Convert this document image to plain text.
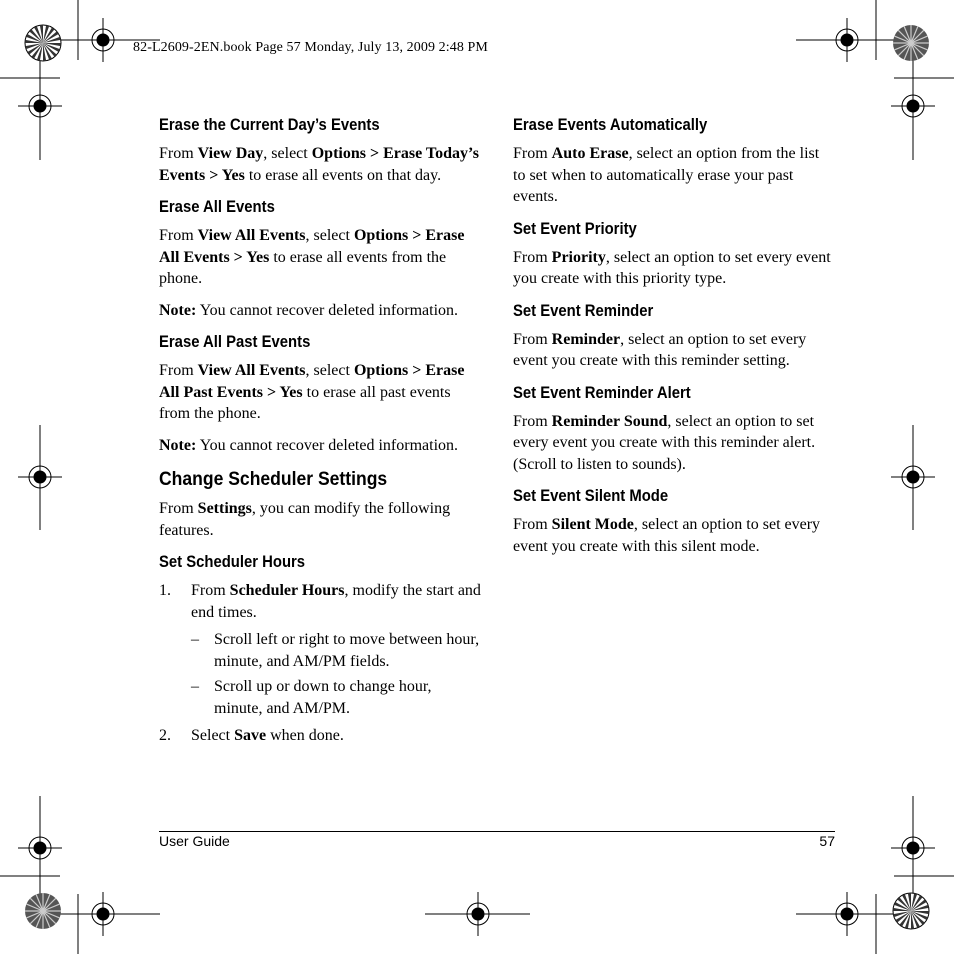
82-L2609-2EN.book Page 57 Monday, July 13, 2009 2:48 PM
Erase the Current Day’s Events

From View Day, select Options > Erase Today’s Events > Yes to erase all events on that day.

Erase All Events

From View All Events, select Options > Erase All Events > Yes to erase all events from the phone.

Note: You cannot recover deleted information.

Erase All Past Events

From View All Events, select Options > Erase All Past Events > Yes to erase all past events from the phone.

Note: You cannot recover deleted information.

Change Scheduler Settings

From Settings, you can modify the following features.

Set Scheduler Hours
1. From Scheduler Hours, modify the start and end times.
– Scroll left or right to move between hour, minute, and AM/PM fields.
– Scroll up or down to change hour, minute, and AM/PM.
2. Select Save when done.
Erase Events Automatically

From Auto Erase, select an option from the list to set when to automatically erase your past events.

Set Event Priority

From Priority, select an option to set every event you create with this priority type.

Set Event Reminder

From Reminder, select an option to set every event you create with this reminder setting.

Set Event Reminder Alert

From Reminder Sound, select an option to set every event you create with this reminder alert. (Scroll to listen to sounds).

Set Event Silent Mode

From Silent Mode, select an option to set every event you create with this silent mode.

User Guide	57
